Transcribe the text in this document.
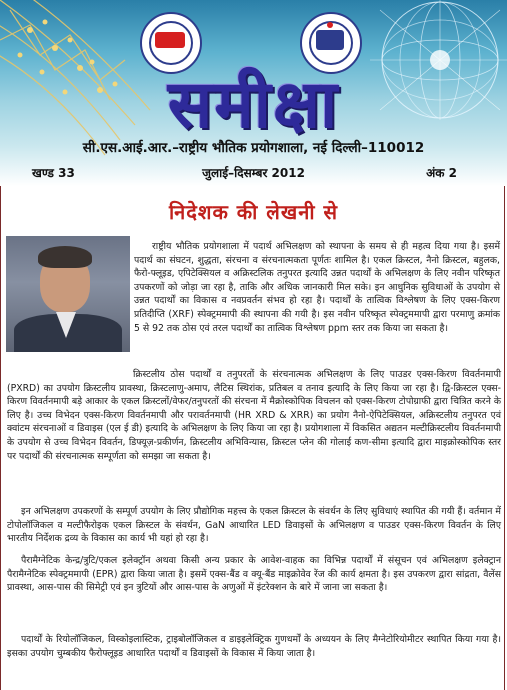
समीक्षा
सी.एस.आई.आर.–राष्ट्रीय भौतिक प्रयोगशाला, नई दिल्ली–110012
खण्ड 33	जुलाई–दिसम्बर 2012	अंक 2
निदेशक की लेखनी से

राष्ट्रीय भौतिक प्रयोगशाला में पदार्थ अभिलक्षण को स्थापना के समय से ही महत्व दिया गया है। इसमें पदार्थ का संघटन, शुद्धता, संरचना व संरचनात्मकता पूर्णतः शामिल है। एकल क्रिस्टल, नैनो क्रिस्टल, बहुलक, फैरो-फ्लूइड, एपिटेक्सियल व अक्रिस्टलिक तनुपरत इत्यादि उन्नत पदार्थों के अभिलक्षण के लिए नवीन परिष्कृत उपकरणों को जोड़ा जा रहा है, ताकि और अधिक जानकारी मिल सके। इन आधुनिक सुविधाओं के उपयोग से उन्नत पदार्थों का विकास व नवप्रवर्तन संभव हो रहा है। पदार्थों के तात्विक विश्लेषण के लिए एक्स-किरण प्रतिदीप्ति (XRF) स्पेक्ट्रममापी की स्थापना की गयी है। इस नवीन परिष्कृत स्पेक्ट्रममापी द्वारा परमाणु क्रमांक 5 से 92 तक ठोस एवं तरल पदार्थों का तात्विक विश्लेषण ppm स्तर तक किया जा सकता है।

क्रिस्टलीय ठोस पदार्थों व तनुपरतों के संरचनात्मक अभिलक्षण के लिए पाउडर एक्स-किरण विवर्तनमापी (PXRD) का उपयोग क्रिस्टलीय प्रावस्था, क्रिस्टलाणु-अमाप, लैटिस स्थिरांक, प्रतिबल व तनाव इत्यादि के लिए किया जा रहा है। द्वि-क्रिस्टल एक्स-किरण विवर्तनमापी बड़े आकार के एकल क्रिस्टलों/वेफर/तनुपरतों की संरचना में मैक्रोस्कोपिक विचलन को एक्स-किरण टोपोग्राफी द्वारा चित्रित करने के लिए है। उच्च विभेदन एक्स-किरण विवर्तनमापी और परावर्तनमापी (HR XRD & XRR) का प्रयोग नैनो-ऐपिटेक्सियल, अक्रिस्टलीय तनुपरत एवं क्वांटम संरचनाओं व डिवाइस (एल ई डी) इत्यादि के अभिलक्षण के लिए किया जा रहा है। प्रयोगशाला में विकसित अद्यतन मल्टीक्रिस्टलीय विवर्तनमापी के उपयोग से उच्च विभेदन विवर्तन, डिफ्यूज़-प्रकीर्णन, क्रिस्टलीय अभिविन्यास, क्रिस्टल प्लेन की गोलाई कण-सीमा इत्यादि द्वारा माइक्रोस्कोपिक स्तर पर पदार्थों की संरचनात्मक सम्पूर्णता को समझा जा सकता है।

इन अभिलक्षण उपकरणों के सम्पूर्ण उपयोग के लिए प्रौद्योगिक महत्त्व के एकल क्रिस्टल के संवर्धन के लिए सुविधाएं स्थापित की गयी हैं। वर्तमान में टोपोलॉजिकल व मल्टीफैरोइक एकल क्रिस्टल के संवर्धन, GaN आधारित LED डिवाइसों के अभिलक्षण व पाउडर एक्स-किरण विवर्तन के लिए भारतीय निर्देशक द्रव्य के विकास का कार्य भी यहां हो रहा है।

पैरामैग्नेटिक केन्द्र/त्रुटि/एकल इलेक्ट्रॉन अथवा किसी अन्य प्रकार के आवेश-वाहक का विभिन्न पदार्थों में संसूचन एवं अभिलक्षण इलेक्ट्रान पैरामैग्नेटिक स्पेक्ट्रममापी (EPR) द्वारा किया जाता है। इसमें एक्स-बैंड व क्यू-बैंड माइक्रोवेव रेंज की कार्य क्षमता है। इस उपकरण द्वारा सांद्रता, वैलेंस प्रावस्था, आस-पास की सिमेट्री एवं इन त्रुटियों और आस-पास के अणुओं में इंटरेक्शन के बारे में जाना जा सकता है।

पदार्थों के रियोलॉजिकल, विस्कोइलास्टिक, ट्राइबोलॉजिकल व डाइइलेक्ट्रिक गुणधर्मों के अध्ययन के लिए मैग्नेटोरियोमीटर स्थापित किया गया है। इसका उपयोग चुम्बकीय फैरोफ्लूइड आधारित पदार्थों व डिवाइसों के विकास में किया जाता है।
